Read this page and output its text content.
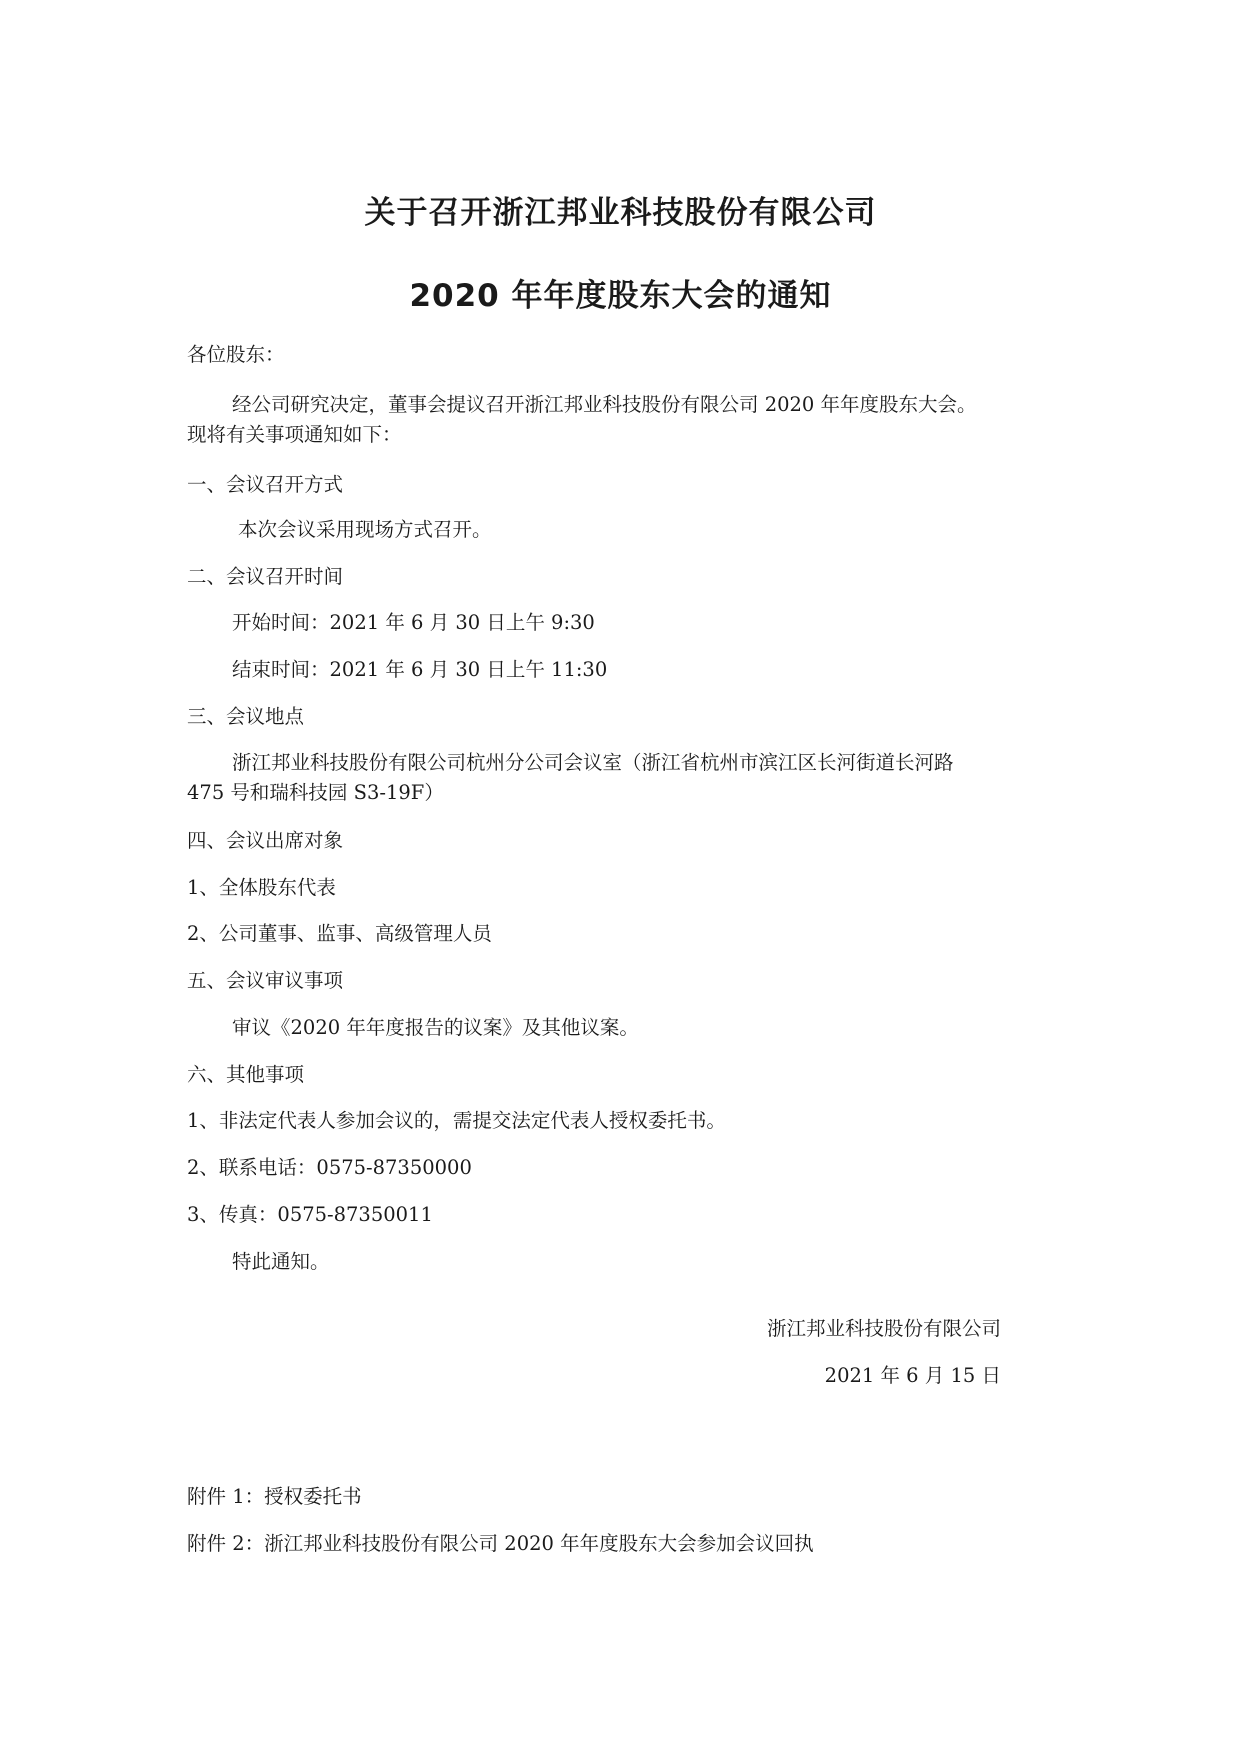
关于召开浙江邦业科技股份有限公司
2020 年年度股东大会的通知

各位股东：

经公司研究决定，董事会提议召开浙江邦业科技股份有限公司 2020 年年度股东大会。

现将有关事项通知如下：

一、会议召开方式

本次会议采用现场方式召开。

二、会议召开时间

开始时间：2021 年 6 月 30 日上午 9:30

结束时间：2021 年 6 月 30 日上午 11:30

三、会议地点

浙江邦业科技股份有限公司杭州分公司会议室（浙江省杭州市滨江区长河街道长河路

475 号和瑞科技园 S3-19F）

四、会议出席对象

1、全体股东代表

2、公司董事、监事、高级管理人员

五、会议审议事项

审议《2020 年年度报告的议案》及其他议案。

六、其他事项

1、非法定代表人参加会议的，需提交法定代表人授权委托书。

2、联系电话：0575-87350000

3、传真：0575-87350011

特此通知。

浙江邦业科技股份有限公司

2021 年 6 月 15 日

附件 1：授权委托书

附件 2：浙江邦业科技股份有限公司 2020 年年度股东大会参加会议回执
